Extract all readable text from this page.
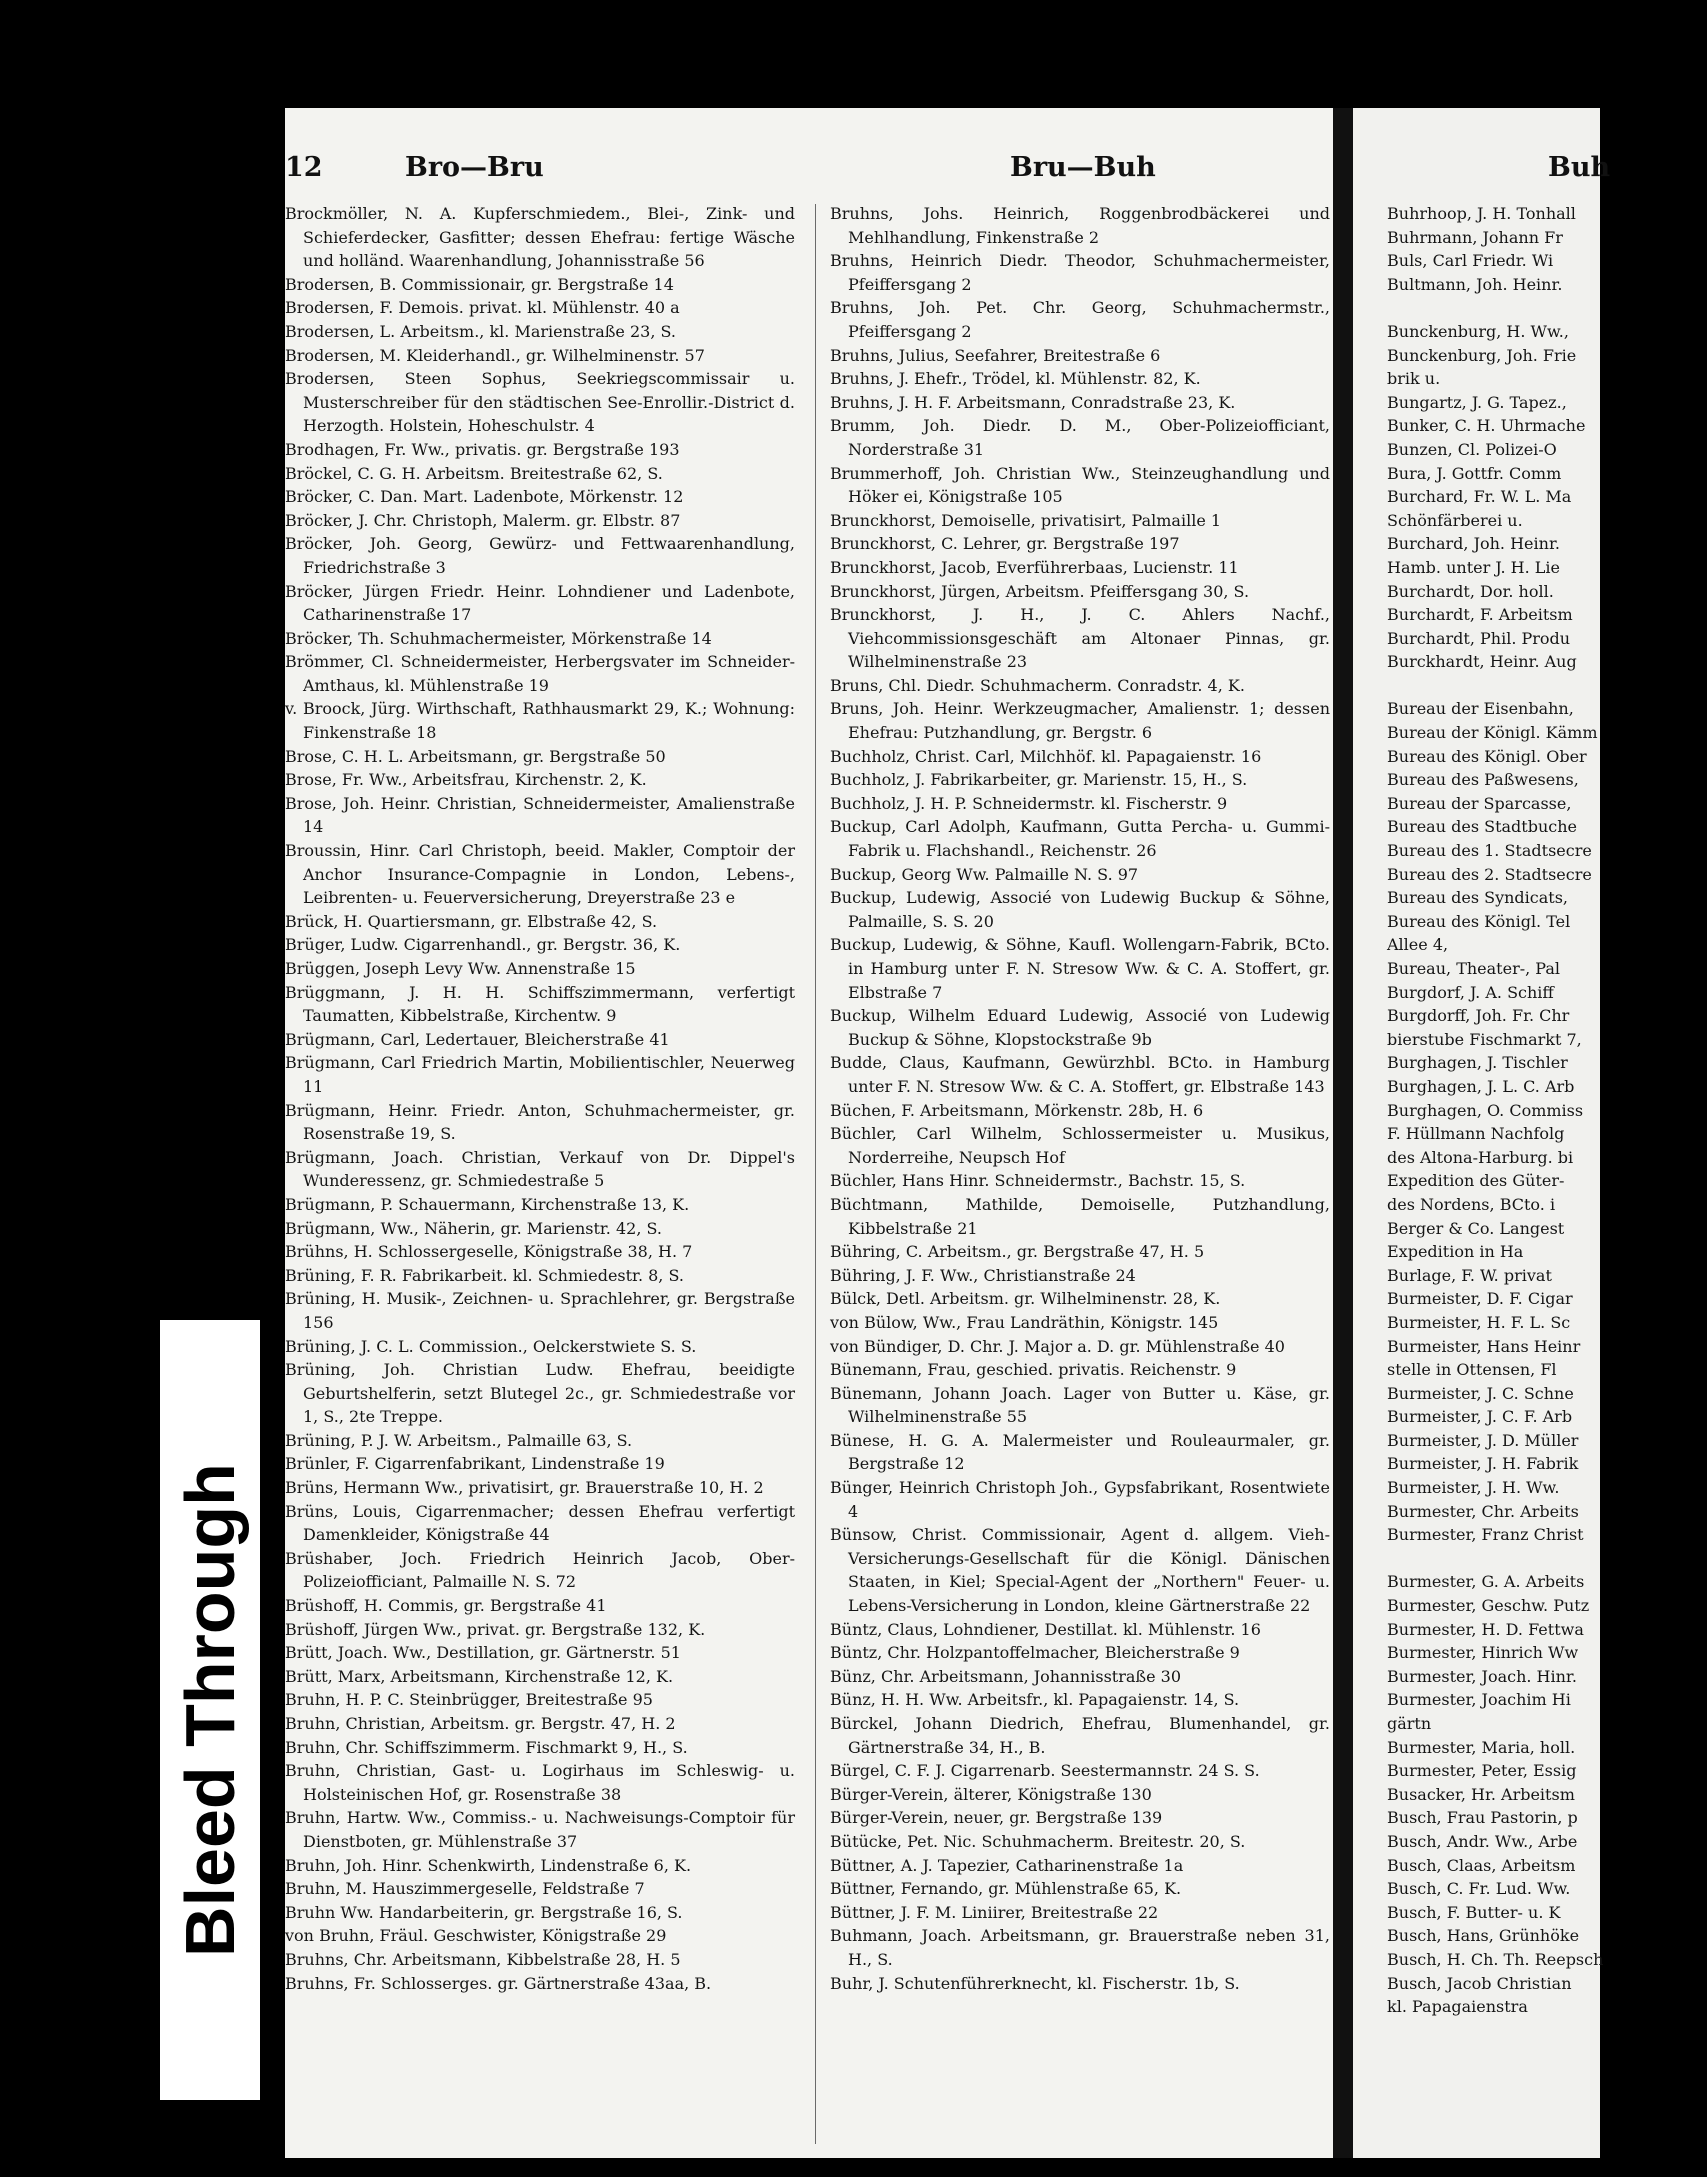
12	Bro—Bru	Bru—Buh

Brockmöller, N. A. Kupferschmiedem., Blei-, Zink- und Schieferdecker, Gasfitter; dessen Ehefrau: fertige Wäsche und holländ. Waarenhandlung, Johannisstraße 56

Brodersen, B. Commissionair, gr. Bergstraße 14

Brodersen, F. Demois. privat. kl. Mühlenstr. 40 a

Brodersen, L. Arbeitsm., kl. Marienstraße 23, S.

Brodersen, M. Kleiderhandl., gr. Wilhelminenstr. 57

Brodersen, Steen Sophus, Seekriegscommissair u. Musterschreiber für den städtischen See-Enrollir.-District d. Herzogth. Holstein, Hoheschulstr. 4

Brodhagen, Fr. Ww., privatis. gr. Bergstraße 193

Bröckel, C. G. H. Arbeitsm. Breitestraße 62, S.

Bröcker, C. Dan. Mart. Ladenbote, Mörkenstr. 12

Bröcker, J. Chr. Christoph, Malerm. gr. Elbstr. 87

Bröcker, Joh. Georg, Gewürz- und Fettwaarenhandlung, Friedrichstraße 3

Bröcker, Jürgen Friedr. Heinr. Lohndiener und Ladenbote, Catharinenstraße 17

Bröcker, Th. Schuhmachermeister, Mörkenstraße 14

Brömmer, Cl. Schneidermeister, Herbergsvater im Schneider-Amthaus, kl. Mühlenstraße 19

v. Broock, Jürg. Wirthschaft, Rathhausmarkt 29, K.; Wohnung: Finkenstraße 18

Brose, C. H. L. Arbeitsmann, gr. Bergstraße 50

Brose, Fr. Ww., Arbeitsfrau, Kirchenstr. 2, K.

Brose, Joh. Heinr. Christian, Schneidermeister, Amalienstraße 14

Broussin, Hinr. Carl Christoph, beeid. Makler, Comptoir der Anchor Insurance-Compagnie in London, Lebens-, Leibrenten- u. Feuerversicherung, Dreyerstraße 23 e

Brück, H. Quartiersmann, gr. Elbstraße 42, S.

Brüger, Ludw. Cigarrenhandl., gr. Bergstr. 36, K.

Brüggen, Joseph Levy Ww. Annenstraße 15

Brüggmann, J. H. H. Schiffszimmermann, verfertigt Taumatten, Kibbelstraße, Kirchentw. 9

Brügmann, Carl, Ledertauer, Bleicherstraße 41

Brügmann, Carl Friedrich Martin, Mobilientischler, Neuerweg 11

Brügmann, Heinr. Friedr. Anton, Schuhmachermeister, gr. Rosenstraße 19, S.

Brügmann, Joach. Christian, Verkauf von Dr. Dippel's Wunderessenz, gr. Schmiedestraße 5

Brügmann, P. Schauermann, Kirchenstraße 13, K.

Brügmann, Ww., Näherin, gr. Marienstr. 42, S.

Brühns, H. Schlossergeselle, Königstraße 38, H. 7

Brüning, F. R. Fabrikarbeit. kl. Schmiedestr. 8, S.

Brüning, H. Musik-, Zeichnen- u. Sprachlehrer, gr. Bergstraße 156

Brüning, J. C. L. Commission., Oelckerstwiete S. S.

Brüning, Joh. Christian Ludw. Ehefrau, beeidigte Geburtshelferin, setzt Blutegel 2c., gr. Schmiedestraße vor 1, S., 2te Treppe.

Brüning, P. J. W. Arbeitsm., Palmaille 63, S.

Brünler, F. Cigarrenfabrikant, Lindenstraße 19

Brüns, Hermann Ww., privatisirt, gr. Brauerstraße 10, H. 2

Brüns, Louis, Cigarrenmacher; dessen Ehefrau verfertigt Damenkleider, Königstraße 44

Brüshaber, Joch. Friedrich Heinrich Jacob, Ober-Polizeiofficiant, Palmaille N. S. 72

Brüshoff, H. Commis, gr. Bergstraße 41

Brüshoff, Jürgen Ww., privat. gr. Bergstraße 132, K.

Brütt, Joach. Ww., Destillation, gr. Gärtnerstr. 51

Brütt, Marx, Arbeitsmann, Kirchenstraße 12, K.

Bruhn, H. P. C. Steinbrügger, Breitestraße 95

Bruhn, Christian, Arbeitsm. gr. Bergstr. 47, H. 2

Bruhn, Chr. Schiffszimmerm. Fischmarkt 9, H., S.

Bruhn, Christian, Gast- u. Logirhaus im Schleswig- u. Holsteinischen Hof, gr. Rosenstraße 38

Bruhn, Hartw. Ww., Commiss.- u. Nachweisungs-Comptoir für Dienstboten, gr. Mühlenstraße 37

Bruhn, Joh. Hinr. Schenkwirth, Lindenstraße 6, K.

Bruhn, M. Hauszimmergeselle, Feldstraße 7

Bruhn Ww. Handarbeiterin, gr. Bergstraße 16, S.

von Bruhn, Fräul. Geschwister, Königstraße 29

Bruhns, Chr. Arbeitsmann, Kibbelstraße 28, H. 5

Bruhns, Fr. Schlosserges. gr. Gärtnerstraße 43aa, B.

Bruhns, Johs. Heinrich, Roggenbrodbäckerei und Mehlhandlung, Finkenstraße 2

Bruhns, Heinrich Diedr. Theodor, Schuhmachermeister, Pfeiffersgang 2

Bruhns, Joh. Pet. Chr. Georg, Schuhmachermstr., Pfeiffersgang 2

Bruhns, Julius, Seefahrer, Breitestraße 6

Bruhns, J. Ehefr., Trödel, kl. Mühlenstr. 82, K.

Bruhns, J. H. F. Arbeitsmann, Conradstraße 23, K.

Brumm, Joh. Diedr. D. M., Ober-Polizeiofficiant, Norderstraße 31

Brummerhoff, Joh. Christian Ww., Steinzeughandlung und Höker ei, Königstraße 105

Brunckhorst, Demoiselle, privatisirt, Palmaille 1

Brunckhorst, C. Lehrer, gr. Bergstraße 197

Brunckhorst, Jacob, Everführerbaas, Lucienstr. 11

Brunckhorst, Jürgen, Arbeitsm. Pfeiffersgang 30, S.

Brunckhorst, J. H., J. C. Ahlers Nachf., Viehcommissionsgeschäft am Altonaer Pinnas, gr. Wilhelminenstraße 23

Bruns, Chl. Diedr. Schuhmacherm. Conradstr. 4, K.

Bruns, Joh. Heinr. Werkzeugmacher, Amalienstr. 1; dessen Ehefrau: Putzhandlung, gr. Bergstr. 6

Buchholz, Christ. Carl, Milchhöf. kl. Papagaienstr. 16

Buchholz, J. Fabrikarbeiter, gr. Marienstr. 15, H., S.

Buchholz, J. H. P. Schneidermstr. kl. Fischerstr. 9

Buckup, Carl Adolph, Kaufmann, Gutta Percha- u. Gummi-Fabrik u. Flachshandl., Reichenstr. 26

Buckup, Georg Ww. Palmaille N. S. 97

Buckup, Ludewig, Associé von Ludewig Buckup & Söhne, Palmaille, S. S. 20

Buckup, Ludewig, & Söhne, Kaufl. Wollengarn-Fabrik, BCto. in Hamburg unter F. N. Stresow Ww. & C. A. Stoffert, gr. Elbstraße 7

Buckup, Wilhelm Eduard Ludewig, Associé von Ludewig Buckup & Söhne, Klopstockstraße 9b

Budde, Claus, Kaufmann, Gewürzhbl. BCto. in Hamburg unter F. N. Stresow Ww. & C. A. Stoffert, gr. Elbstraße 143

Büchen, F. Arbeitsmann, Mörkenstr. 28b, H. 6

Büchler, Carl Wilhelm, Schlossermeister u. Musikus, Norderreihe, Neupsch Hof

Büchler, Hans Hinr. Schneidermstr., Bachstr. 15, S.

Büchtmann, Mathilde, Demoiselle, Putzhandlung, Kibbelstraße 21

Bühring, C. Arbeitsm., gr. Bergstraße 47, H. 5

Bühring, J. F. Ww., Christianstraße 24

Bülck, Detl. Arbeitsm. gr. Wilhelminenstr. 28, K.

von Bülow, Ww., Frau Landräthin, Königstr. 145

von Bündiger, D. Chr. J. Major a. D. gr. Mühlenstraße 40

Bünemann, Frau, geschied. privatis. Reichenstr. 9

Bünemann, Johann Joach. Lager von Butter u. Käse, gr. Wilhelminenstraße 55

Bünese, H. G. A. Malermeister und Rouleaurmaler, gr. Bergstraße 12

Bünger, Heinrich Christoph Joh., Gypsfabrikant, Rosentwiete 4

Bünsow, Christ. Commissionair, Agent d. allgem. Vieh-Versicherungs-Gesellschaft für die Königl. Dänischen Staaten, in Kiel; Special-Agent der „Northern" Feuer- u. Lebens-Versicherung in London, kleine Gärtnerstraße 22

Büntz, Claus, Lohndiener, Destillat. kl. Mühlenstr. 16

Büntz, Chr. Holzpantoffelmacher, Bleicherstraße 9

Bünz, Chr. Arbeitsmann, Johannisstraße 30

Bünz, H. H. Ww. Arbeitsfr., kl. Papagaienstr. 14, S.

Bürckel, Johann Diedrich, Ehefrau, Blumenhandel, gr. Gärtnerstraße 34, H., B.

Bürgel, C. F. J. Cigarrenarb. Seestermannstr. 24 S. S.

Bürger-Verein, älterer, Königstraße 130

Bürger-Verein, neuer, gr. Bergstraße 139

Bütücke, Pet. Nic. Schuhmacherm. Breitestr. 20, S.

Büttner, A. J. Tapezier, Catharinenstraße 1a

Büttner, Fernando, gr. Mühlenstraße 65, K.

Büttner, J. F. M. Liniirer, Breitestraße 22

Buhmann, Joach. Arbeitsmann, gr. Brauerstraße neben 31, H., S.

Buhr, J. Schutenführerknecht, kl. Fischerstr. 1b, S.

Buh

Buhrhoop, J. H. Tonhall

Buhrmann, Johann Fr

Buls, Carl Friedr. Wi

Bultmann, Joh. Heinr.

Bunckenburg, H. Ww.,

Bunckenburg, Joh. Frie

brik u.

Bungartz, J. G. Tapez.,

Bunker, C. H. Uhrmache

Bunzen, Cl. Polizei-O

Bura, J. Gottfr. Comm

Burchard, Fr. W. L. Ma

Schönfärberei u.

Burchard, Joh. Heinr.

Hamb. unter J. H. Lie

Burchardt, Dor. holl.

Burchardt, F. Arbeitsm

Burchardt, Phil. Produ

Burckhardt, Heinr. Aug

Bureau der Eisenbahn,

Bureau der Königl. Kämm

Bureau des Königl. Ober

Bureau des Paßwesens,

Bureau der Sparcasse,

Bureau des Stadtbuche

Bureau des 1. Stadtsecre

Bureau des 2. Stadtsecre

Bureau des Syndicats,

Bureau des Königl. Tel

Allee 4,

Bureau, Theater-, Pal

Burgdorf, J. A. Schiff

Burgdorff, Joh. Fr. Chr

bierstube Fischmarkt 7,

Burghagen, J. Tischler

Burghagen, J. L. C. Arb

Burghagen, O. Commiss

F. Hüllmann Nachfolg

des Altona-Harburg. bi

Expedition des Güter-

des Nordens, BCto. i

Berger & Co. Langest

Expedition in Ha

Burlage, F. W. privat

Burmeister, D. F. Cigar

Burmeister, H. F. L. Sc

Burmeister, Hans Heinr

stelle in Ottensen, Fl

Burmeister, J. C. Schne

Burmeister, J. C. F. Arb

Burmeister, J. D. Müller

Burmeister, J. H. Fabrik

Burmeister, J. H. Ww.

Burmester, Chr. Arbeits

Burmester, Franz Christ

Burmester, G. A. Arbeits

Burmester, Geschw. Putz

Burmester, H. D. Fettwa

Burmester, Hinrich Ww

Burmester, Joach. Hinr.

Burmester, Joachim Hi

gärtn

Burmester, Maria, holl.

Burmester, Peter, Essig

Busacker, Hr. Arbeitsm

Busch, Frau Pastorin, p

Busch, Andr. Ww., Arbe

Busch, Claas, Arbeitsm

Busch, C. Fr. Lud. Ww.

Busch, F. Butter- u. K

Busch, Hans, Grünhöke

Busch, H. Ch. Th. Reepsch

Busch, Jacob Christian

kl. Papagaienstra

Bleed Through
